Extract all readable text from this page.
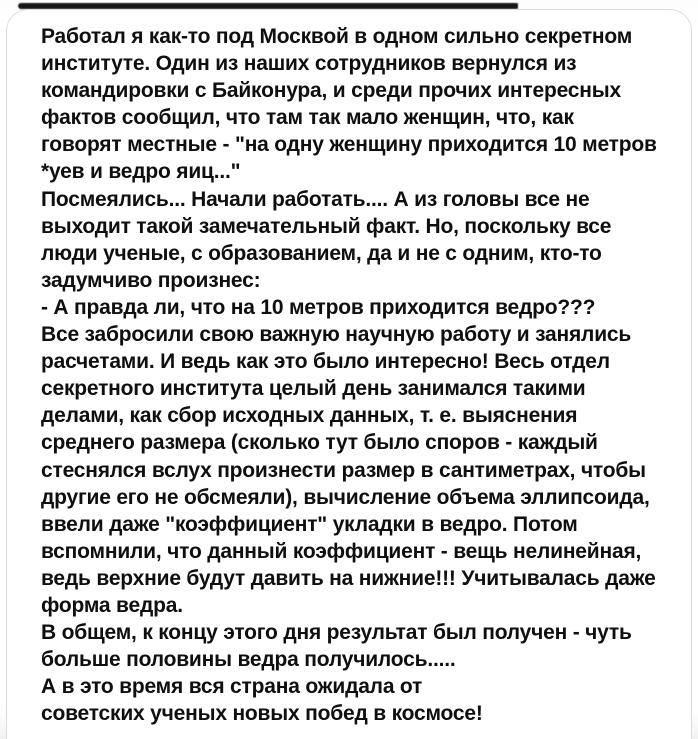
Работал я как-то под Москвой в одном сильно секретном
институте. Один из наших сотрудников вернулся из
командировки с Байконура, и среди прочих интересных
фактов сообщил, что там так мало женщин, что, как
говорят местные - "на одну женщину приходится 10 метров
*уев и ведро яиц..."
Посмеялись... Начали работать.... А из головы все не
выходит такой замечательный факт. Но, поскольку все
люди ученые, с образованием, да и не с одним, кто-то
задумчиво произнес:
- А правда ли, что на 10 метров приходится ведро???
Все забросили свою важную научную работу и занялись
расчетами. И ведь как это было интересно! Весь отдел
секретного института целый день занимался такими
делами, как сбор исходных данных, т. е. выяснения
среднего размера (сколько тут было споров - каждый
стеснялся вслух произнести размер в сантиметрах, чтобы
другие его не обсмеяли), вычисление объема эллипсоида,
ввели даже "коэффициент" укладки в ведро. Потом
вспомнили, что данный коэффициент - вещь нелинейная,
ведь верхние будут давить на нижние!!! Учитывалась даже
форма ведра.
В общем, к концу этого дня результат был получен - чуть
больше половины ведра получилось.....
А в это время вся страна ожидала от
советских ученых новых побед в космосе!
